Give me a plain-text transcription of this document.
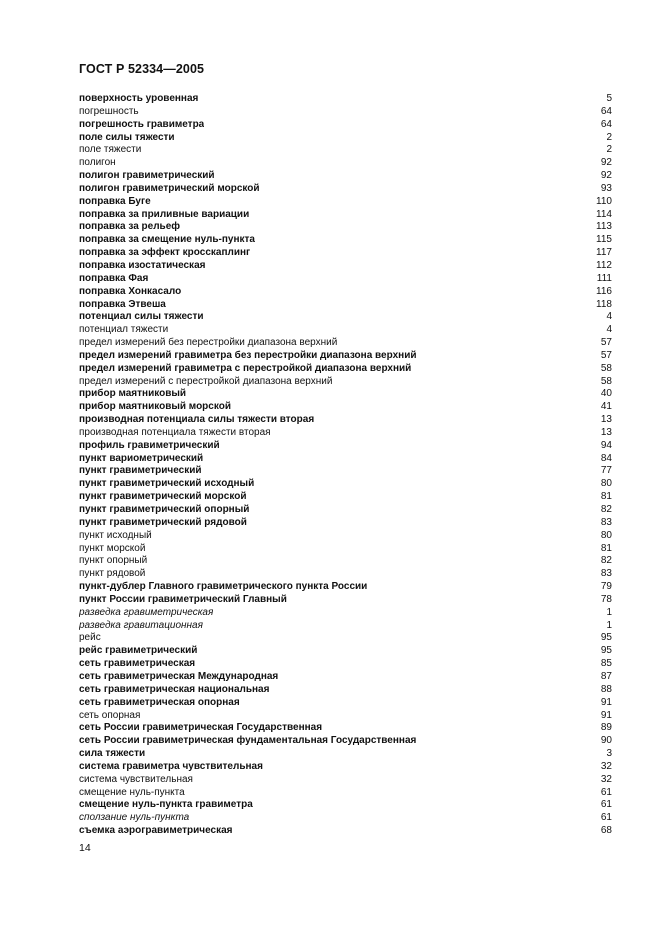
ГОСТ Р 52334—2005
поверхность уровенная	5
погрешность	64
погрешность гравиметра	64
поле силы тяжести	2
поле тяжести	2
полигон	92
полигон гравиметрический	92
полигон гравиметрический морской	93
поправка Буге	110
поправка за приливные вариации	114
поправка за рельеф	113
поправка за смещение нуль-пункта	115
поправка за эффект кросскаплинг	117
поправка изостатическая	112
поправка Фая	111
поправка Хонкасало	116
поправка Этвеша	118
потенциал силы тяжести	4
потенциал тяжести	4
предел измерений без перестройки диапазона верхний	57
предел измерений гравиметра без перестройки диапазона верхний	57
предел измерений гравиметра с перестройкой диапазона верхний	58
предел измерений с перестройкой диапазона верхний	58
прибор маятниковый	40
прибор маятниковый морской	41
производная потенциала силы тяжести вторая	13
производная потенциала тяжести вторая	13
профиль гравиметрический	94
пункт вариометрический	84
пункт гравиметрический	77
пункт гравиметрический исходный	80
пункт гравиметрический морской	81
пункт гравиметрический опорный	82
пункт гравиметрический рядовой	83
пункт исходный	80
пункт морской	81
пункт опорный	82
пункт рядовой	83
пункт-дублер Главного гравиметрического пункта России	79
пункт России гравиметрический Главный	78
разведка гравиметрическая	1
разведка гравитационная	1
рейс	95
рейс гравиметрический	95
сеть гравиметрическая	85
сеть гравиметрическая Международная	87
сеть гравиметрическая национальная	88
сеть гравиметрическая опорная	91
сеть опорная	91
сеть России гравиметрическая Государственная	89
сеть России гравиметрическая фундаментальная Государственная	90
сила тяжести	3
система гравиметра чувствительная	32
система чувствительная	32
смещение нуль-пункта	61
смещение нуль-пункта гравиметра	61
сползание нуль-пункта	61
съемка аэрогравиметрическая	68
14
